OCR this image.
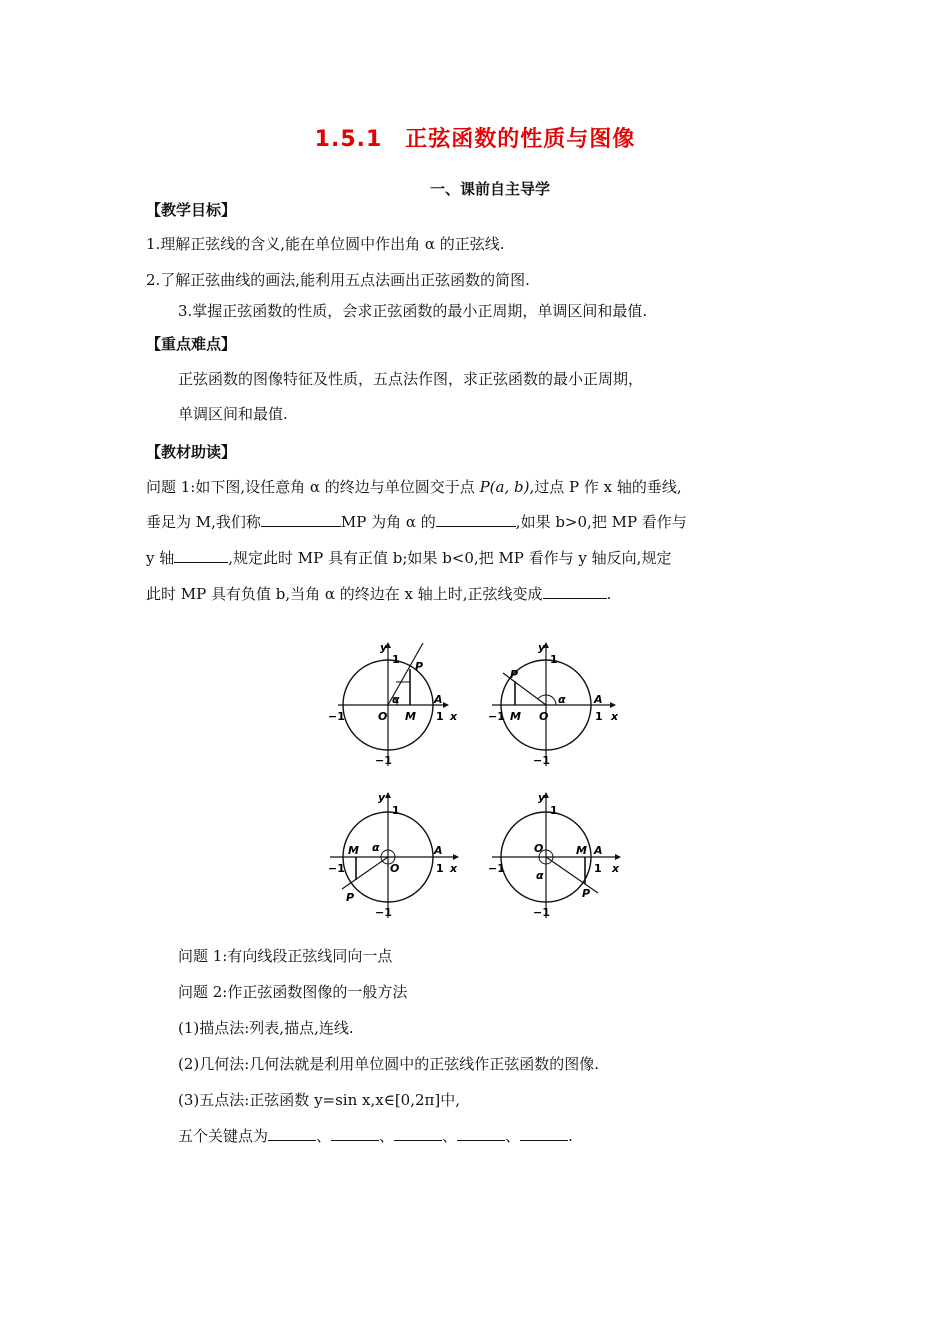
1.5.1　正弦函数的性质与图像
一、课前自主导学
【教学目标】
1.理解正弦线的含义,能在单位圆中作出角 α 的正弦线.
2.了解正弦曲线的画法,能利用五点法画出正弦函数的简图.
3.掌握正弦函数的性质，会求正弦函数的最小正周期，单调区间和最值.
【重点难点】
正弦函数的图像特征及性质，五点法作图，求正弦函数的最小正周期，
单调区间和最值.
【教材助读】
问题 1:如下图,设任意角 α 的终边与单位圆交于点 P(a, b),过点 P 作 x 轴的垂线,
垂足为 M,我们称	MP 为角 α 的	,如果 b>0,把 MP 看作与
y 轴	,规定此时 MP 具有正值 b;如果 b<0,把 MP 看作与 y 轴反向,规定
此时 MP 具有负值 b,当角 α 的终边在 x 轴上时,正弦线变成	.
y
1
P
A
α
−1	O M 1 x
−1
y
1
P
α	A
−1 M O	1 x
−1
y
1
M α	A
−1	O	1 x
P
−1
y
1
O	M A
−1	1 x
α
P
−1
问题 1:有向线段正弦线同向一点
问题 2:作正弦函数图像的一般方法
(1)描点法:列表,描点,连线.
(2)几何法:几何法就是利用单位圆中的正弦线作正弦函数的图像.
(3)五点法:正弦函数 y=sin x,x∈[0,2π]中,
五个关键点为	、	、	、	、	.
